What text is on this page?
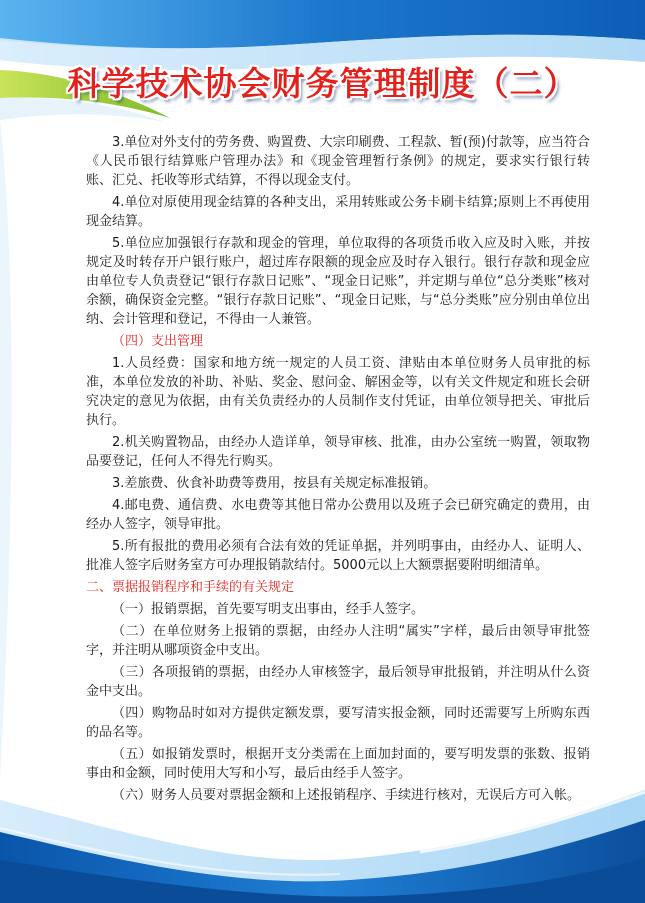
科学技术协会财务管理制度（二）

3.单位对外支付的劳务费、购置费、大宗印刷费、工程款、暂(预)付款等，应当符合《人民币银行结算账户管理办法》和《现金管理暂行条例》的规定，要求实行银行转账、汇兑、托收等形式结算，不得以现金支付。

4.单位对原使用现金结算的各种支出，采用转账或公务卡刷卡结算;原则上不再使用现金结算。

5.单位应加强银行存款和现金的管理，单位取得的各项货币收入应及时入账，并按规定及时转存开户银行账户，超过库存限额的现金应及时存入银行。银行存款和现金应由单位专人负责登记“银行存款日记账”、“现金日记账”，并定期与单位“总分类账”核对余额，确保资金完整。“银行存款日记账”、“现金日记账，与“总分类账”应分别由单位出纳、会计管理和登记，不得由一人兼管。

（四）支出管理

1.人员经费：国家和地方统一规定的人员工资、津贴由本单位财务人员审批的标准，本单位发放的补助、补贴、奖金、慰问金、解困金等，以有关文件规定和班长会研究决定的意见为依据，由有关负责经办的人员制作支付凭证，由单位领导把关、审批后执行。

2.机关购置物品，由经办人造详单，领导审核、批准，由办公室统一购置，领取物品要登记，任何人不得先行购买。

3.差旅费、伙食补助费等费用，按县有关规定标准报销。

4.邮电费、通信费、水电费等其他日常办公费用以及班子会已研究确定的费用，由经办人签字，领导审批。

5.所有报批的费用必须有合法有效的凭证单据，并列明事由，由经办人、证明人、批准人签字后财务室方可办理报销款结付。5000元以上大额票据要附明细清单。

二、票据报销程序和手续的有关规定

（一）报销票据，首先要写明支出事由，经手人签字。

（二）在单位财务上报销的票据，由经办人注明“属实”字样，最后由领导审批签字，并注明从哪项资金中支出。

（三）各项报销的票据，由经办人审核签字，最后领导审批报销，并注明从什么资金中支出。

（四）购物品时如对方提供定额发票，要写清实报金额，同时还需要写上所购东西的品名等。

（五）如报销发票时，根据开支分类需在上面加封面的，要写明发票的张数、报销事由和金额，同时使用大写和小写，最后由经手人签字。

（六）财务人员要对票据金额和上述报销程序、手续进行核对，无误后方可入帐。
